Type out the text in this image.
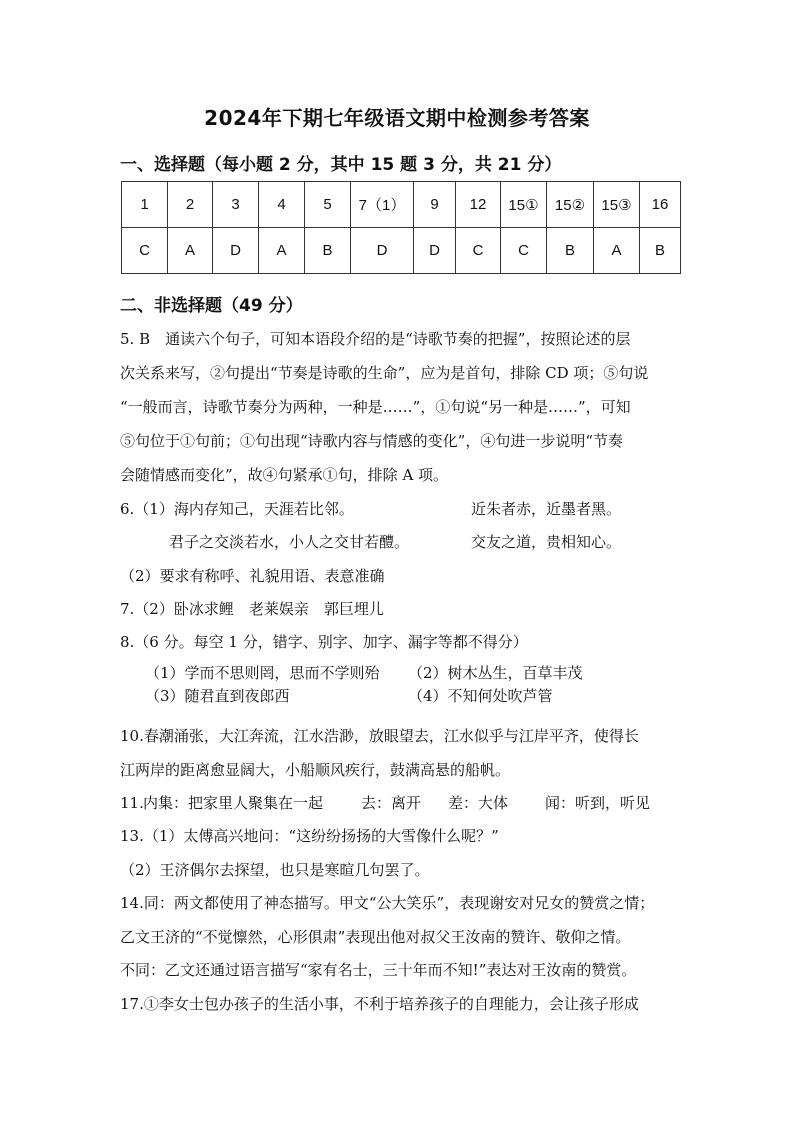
2024年下期七年级语文期中检测参考答案
一、选择题（每小题 2 分，其中 15 题 3 分，共 21 分）
1	2	3	4	5	7（1）	9	12	15①	15②	15③	16
C	A	D	A	B	D	D	C	C	B	A	B
二、非选择题（49 分）
5. B　通读六个句子，可知本语段介绍的是“诗歌节奏的把握”，按照论述的层
次关系来写，②句提出“节奏是诗歌的生命”，应为是首句，排除 CD 项；⑤句说
“一般而言，诗歌节奏分为两种，一种是……”，①句说“另一种是……”，可知
⑤句位于①句前；①句出现“诗歌内容与情感的变化”，④句进一步说明“节奏
会随情感而变化”，故④句紧承①句，排除 A 项。
6.（1）海内存知己，天涯若比邻。	近朱者赤，近墨者黑。
君子之交淡若水，小人之交甘若醴。	交友之道，贵相知心。
（2）要求有称呼、礼貌用语、表意准确
7.（2）卧冰求鲤　老莱娱亲　郭巨埋儿
8.（6 分。每空 1 分，错字、别字、加字、漏字等都不得分）
（1）学而不思则罔，思而不学则殆 （2）树木丛生，百草丰茂
（3）随君直到夜郎西	（4）不知何处吹芦管
10.春潮涌张，大江奔流，江水浩渺，放眼望去，江水似乎与江岸平齐，使得长
江两岸的距离愈显阔大，小船顺风疾行，鼓满高悬的船帆。
11. 内集：把家里人聚集在一起	去：离开 差：大体 闻：听到，听见
13.（1）太傅高兴地问：“这纷纷扬扬的大雪像什么呢？”
（2）王济偶尔去探望，也只是寒暄几句罢了。
14.同：两文都使用了神态描写。甲文“公大笑乐”，表现谢安对兄女的赞赏之情；
乙文王济的“不觉懔然，心形俱肃”表现出他对叔父王汝南的赞许、敬仰之情。
不同：乙文还通过语言描写“家有名士，三十年而不知!”表达对王汝南的赞赏。
17.①李女士包办孩子的生活小事，不利于培养孩子的自理能力，会让孩子形成
